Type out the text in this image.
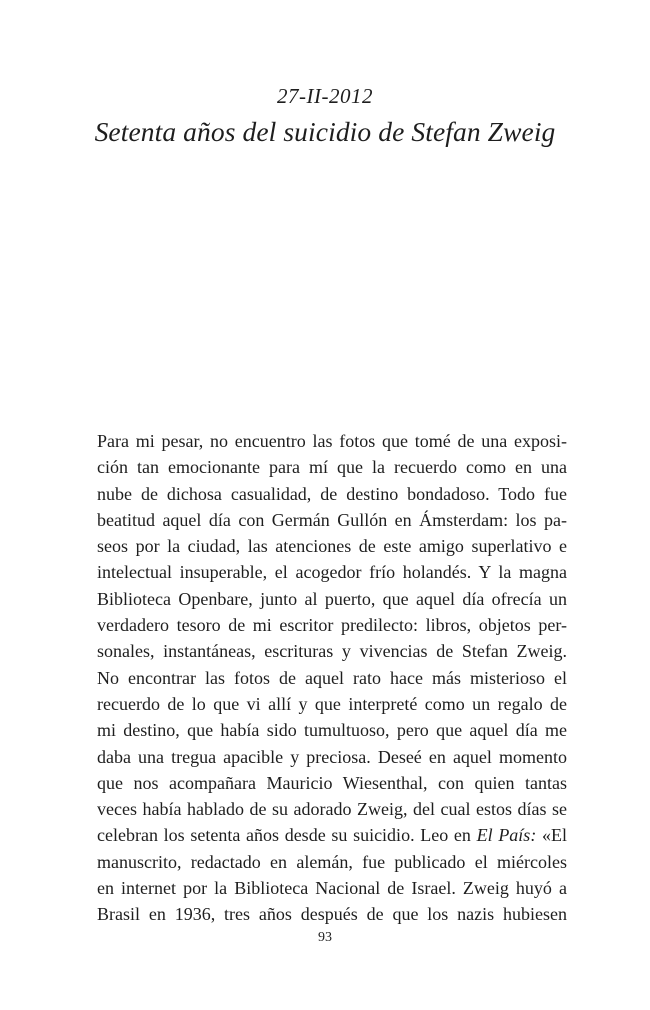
27-II-2012
Setenta años del suicidio de Stefan Zweig
Para mi pesar, no encuentro las fotos que tomé de una exposi-
ción tan emocionante para mí que la recuerdo como en una
nube de dichosa casualidad, de destino bondadoso. Todo fue
beatitud aquel día con Germán Gullón en Ámsterdam: los pa-
seos por la ciudad, las atenciones de este amigo superlativo e
intelectual insuperable, el acogedor frío holandés. Y la magna
Biblioteca Openbare, junto al puerto, que aquel día ofrecía un
verdadero tesoro de mi escritor predilecto: libros, objetos per-
sonales, instantáneas, escrituras y vivencias de Stefan Zweig.
No encontrar las fotos de aquel rato hace más misterioso el
recuerdo de lo que vi allí y que interpreté como un regalo de
mi destino, que había sido tumultuoso, pero que aquel día me
daba una tregua apacible y preciosa. Deseé en aquel momento
que nos acompañara Mauricio Wiesenthal, con quien tantas
veces había hablado de su adorado Zweig, del cual estos días se
celebran los setenta años desde su suicidio. Leo en El País: «El
manuscrito, redactado en alemán, fue publicado el miércoles
en internet por la Biblioteca Nacional de Israel. Zweig huyó a
Brasil en 1936, tres años después de que los nazis hubiesen
93
